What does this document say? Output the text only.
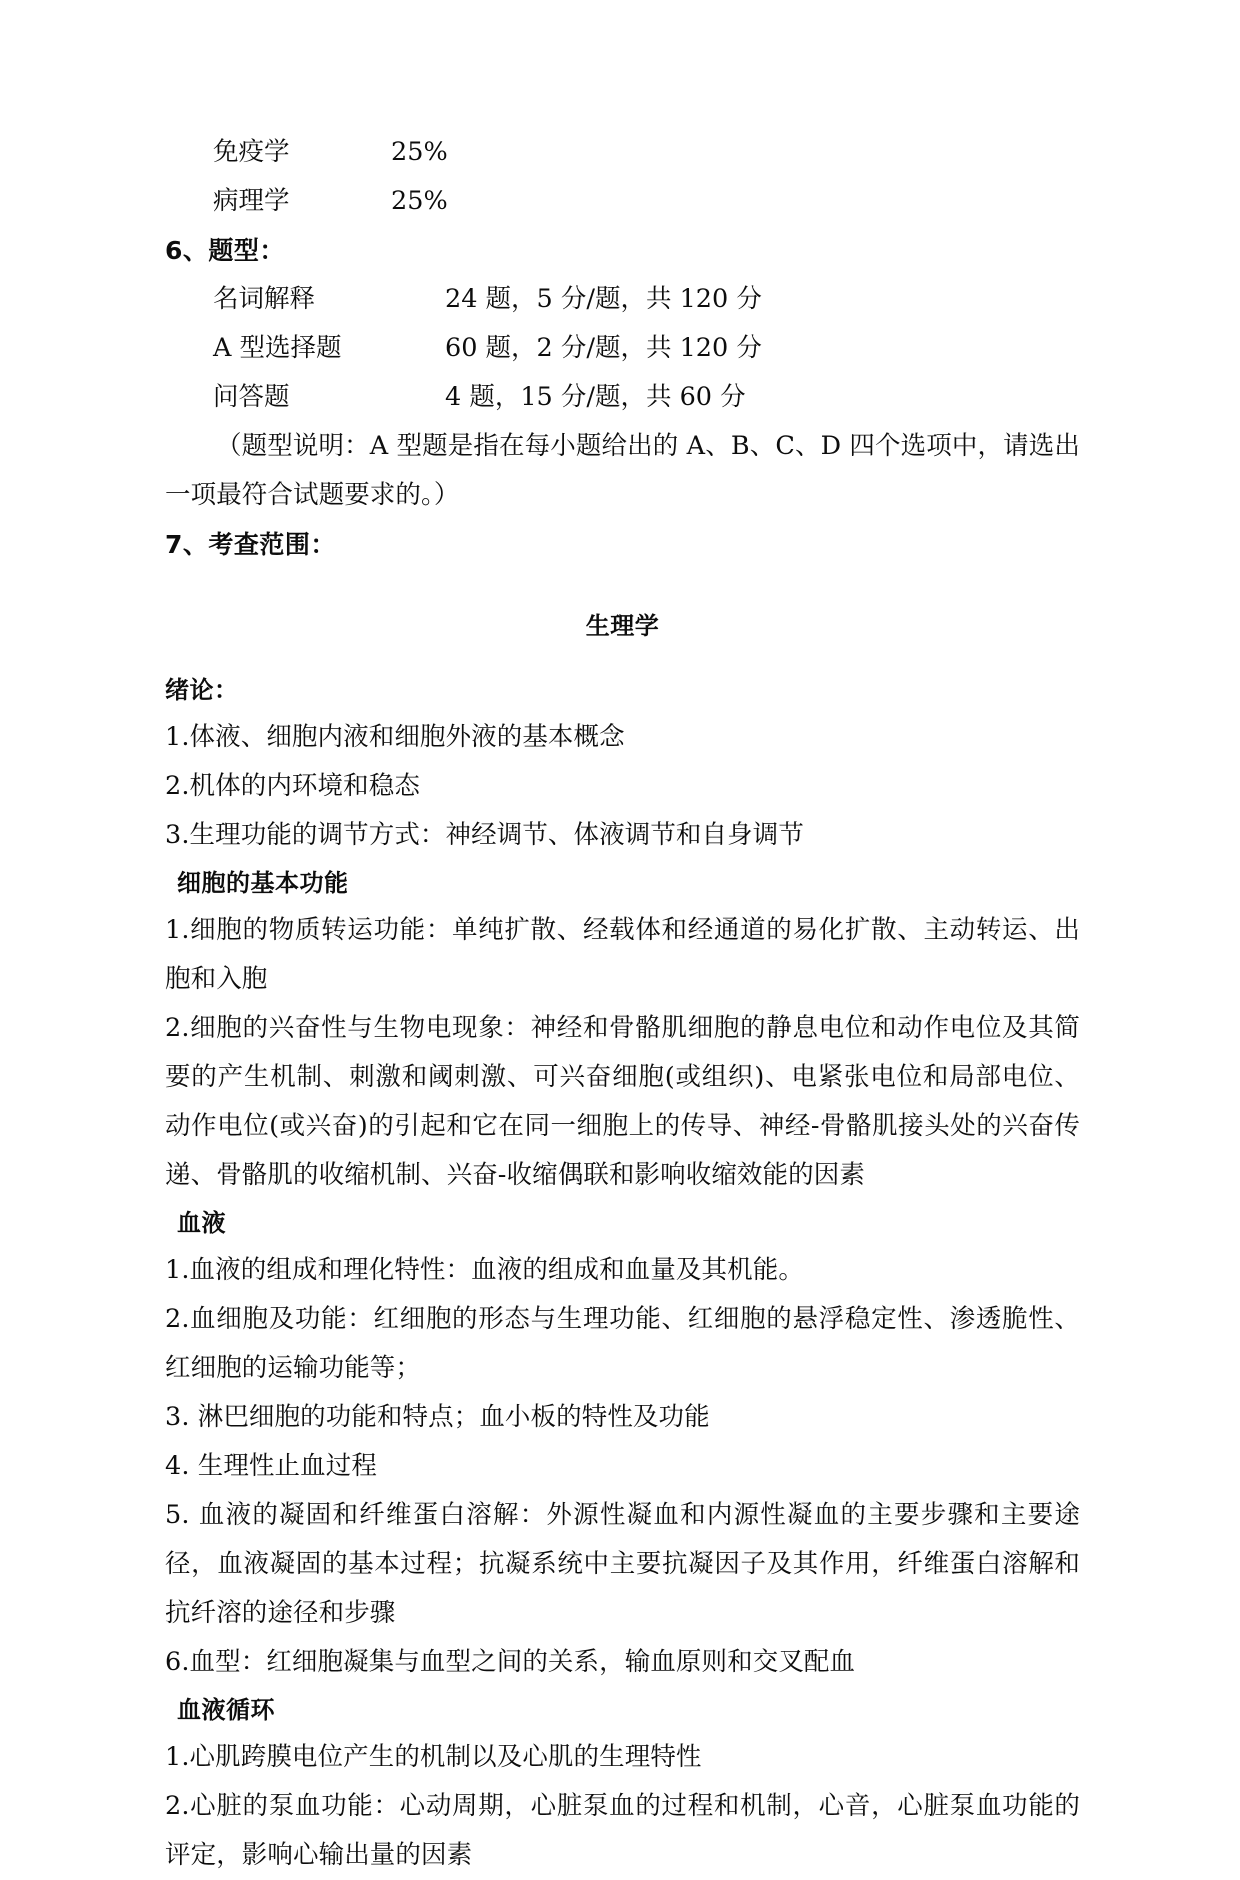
免疫学	25%
病理学	25%
6、题型：
名词解释	24 题，5 分/题，共 120 分
A 型选择题	60 题，2 分/题，共 120 分
问答题	4 题，15 分/题，共 60 分

（题型说明：A 型题是指在每小题给出的 A、B、C、D 四个选项中，请选出一项最符合试题要求的。）

7、考查范围：
生理学
绪论：

1.体液、细胞内液和细胞外液的基本概念

2.机体的内环境和稳态

3.生理功能的调节方式：神经调节、体液调节和自身调节

细胞的基本功能

1.细胞的物质转运功能：单纯扩散、经载体和经通道的易化扩散、主动转运、出胞和入胞

2.细胞的兴奋性与生物电现象：神经和骨骼肌细胞的静息电位和动作电位及其简要的产生机制、刺激和阈刺激、可兴奋细胞(或组织)、电紧张电位和局部电位、动作电位(或兴奋)的引起和它在同一细胞上的传导、神经-骨骼肌接头处的兴奋传递、骨骼肌的收缩机制、兴奋-收缩偶联和影响收缩效能的因素

血液

1.血液的组成和理化特性：血液的组成和血量及其机能。

2.血细胞及功能：红细胞的形态与生理功能、红细胞的悬浮稳定性、渗透脆性、红细胞的运输功能等；

3. 淋巴细胞的功能和特点；血小板的特性及功能

4. 生理性止血过程

5. 血液的凝固和纤维蛋白溶解：外源性凝血和内源性凝血的主要步骤和主要途径，血液凝固的基本过程；抗凝系统中主要抗凝因子及其作用，纤维蛋白溶解和抗纤溶的途径和步骤

6.血型：红细胞凝集与血型之间的关系，输血原则和交叉配血

血液循环

1.心肌跨膜电位产生的机制以及心肌的生理特性

2.心脏的泵血功能：心动周期，心脏泵血的过程和机制，心音，心脏泵血功能的评定，影响心输出量的因素
